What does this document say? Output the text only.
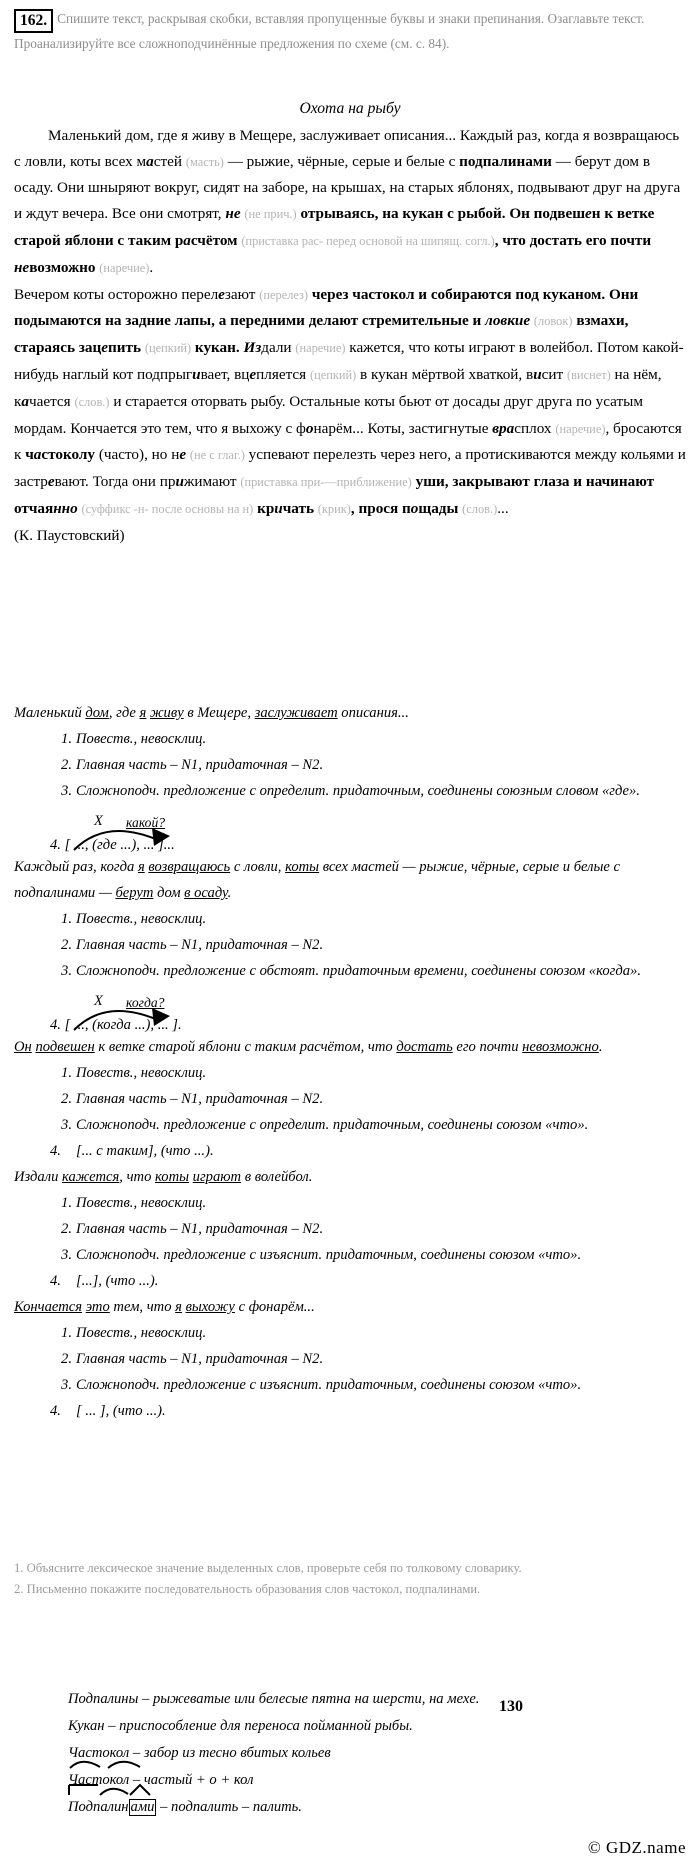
162. Спишите текст, раскрывая скобки, вставляя пропущенные буквы и знаки препинания. Озаглавьте текст. Проанализируйте все сложноподчинённые предложения по схеме (см. с. 84).
Охота на рыбу

Маленький дом, где я живу в Мещере, заслуживает описания... Каждый раз, когда я возвращаюсь с ловли, коты всех мастей (масть) — рыжие, чёрные, серые и белые с подпалинами — берут дом в осаду. Они шныряют вокруг, сидят на заборе, на крышах, на старых яблонях, подвывают друг на друга и ждут вечера. Все они смотрят, не (не прич.) отрываясь, на кукан с рыбой. Он подвешен к ветке старой яблони с таким расчётом (приставка рас- перед основой на шипящ. согл.), что достать его почти невозможно (наречие).

Вечером коты осторожно перелезают (перелез) через частокол и собираются под куканом. Они подымаются на задние лапы, а передними делают стремительные и ловкие (ловок) взмахи, стараясь зацепить (цепкий) кукан. Издали (наречие) кажется, что коты играют в волейбол. Потом какой-нибудь наглый кот подпрыгивает, вцепляется (цепкий) в кукан мёртвой хваткой, висит (виснет) на нём, качается (слов.) и старается оторвать рыбу. Остальные коты бьют от досады друг друга по усатым мордам. Кончается это тем, что я выхожу с фонарём... Коты, застигнутые врасплох (наречие), бросаются к частоколу (часто), но не (не с глаг.) успевают перелезть через него, а протискиваются между кольями и застревают. Тогда они прижимают (приставка при-—приближение) уши, закрывают глаза и начинают отчаянно (суффикс -н- после основы на н) кричать (крик), прося пощады (слов.)...

(К. Паустовский)

Маленький дом, где я живу в Мещере, заслуживает описания...

Повеств., невосклиц.
Главная часть – N1, придаточная – N2.
Сложноподч. предложение с определит. придаточным, соединены союзным словом «где».
X какой?
4. [ ..., (где ...), ... ]...

Каждый раз, когда я возвращаюсь с ловли, коты всех мастей — рыжие, чёрные, серые и белые с подпалинами — берут дом в осаду.

Повеств., невосклиц.
Главная часть – N1, придаточная – N2.
Сложноподч. предложение с обстоят. придаточным времени, соединены союзом «когда».
X когда?
4. [ ..., (когда ...), ... ].

Он подвешен к ветке старой яблони с таким расчётом, что достать его почти невозможно.

Повеств., невосклиц.
Главная часть – N1, придаточная – N2.
Сложноподч. предложение с определит. придаточным, соединены союзом «что».
4. [... с таким], (что ...).

Издали кажется, что коты играют в волейбол.

Повеств., невосклиц.
Главная часть – N1, придаточная – N2.
Сложноподч. предложение с изъяснит. придаточным, соединены союзом «что».
4. [...], (что ...).

Кончается это тем, что я выхожу с фонарём...

Повеств., невосклиц.
Главная часть – N1, придаточная – N2.
Сложноподч. предложение с изъяснит. придаточным, соединены союзом «что».
4. [ ... ], (что ...).

1. Объясните лексическое значение выделенных слов, проверьте себя по толковому словарику.

2. Письменно покажите последовательность образования слов частокол, подпалинами.

Подпалины – рыжеватые или белесые пятна на шерсти, на мехе.

Кукан – приспособление для переноса пойманной рыбы.

Частокол – забор из тесно вбитых кольев

Частокол – частый + о + кол

Подпалин ами – подпалить – палить.

130
© GDZ.name
